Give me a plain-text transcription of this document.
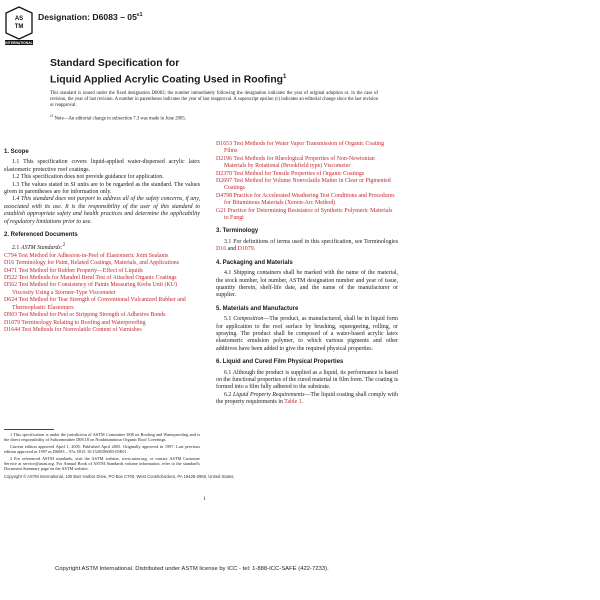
AS
TM
INTERNATIONAL
Designation: $D6083 - 05^{\varepsilon 1}$
Standard Specification for
Liquid Applied Acrylic Coating Used in Roofing$^1$
This standard is issued under the fixed designation D6083; the number immediately following the designation indicates the year of original adoption or, in the case of revision, the year of last revision. A number in parentheses indicates the year of last reapproval. A superscript epsilon (ε) indicates an editorial change since the last revision or reapproval.
$^{\varepsilon 1}$ Note—An editorial change to subsection 7.3 was made in June 2005.
1. Scope

1.1 This specification covers liquid-applied water-dispersed acrylic latex elastomeric protective roof coatings.

1.2 This specification does not provide guidance for application.

1.3 The values stated in SI units are to be regarded as the standard. The values given in parentheses are for information only.

1.4 This standard does not purport to address all of the safety concerns, if any, associated with its use. It is the responsibility of the user of this standard to establish appropriate safety and health practices and determine the applicability of regulatory limitations prior to use.

2. Referenced Documents

2.1 ASTM Standards:$^2$

C794 Test Method for Adhesion-in-Peel of Elastomeric Joint Sealants

D16 Terminology for Paint, Related Coatings, Materials, and Applications

D471 Test Method for Rubber Property—Effect of Liquids

D522 Test Methods for Mandrel Bend Test of Attached Organic Coatings

D562 Test Method for Consistency of Paints Measuring Krebs Unit (KU) Viscosity Using a Stormer-Type Viscometer

D624 Test Method for Tear Strength of Conventional Vulcanized Rubber and Thermoplastic Elastomers

D903 Test Method for Peel or Stripping Strength of Adhesive Bonds

D1079 Terminology Relating to Roofing and Waterproofing

D1644 Test Methods for Nonvolatile Content of Varnishes

D1653 Test Methods for Water Vapor Transmission of Organic Coating Films

D2196 Test Methods for Rheological Properties of Non-Newtonian Materials by Rotational (Brookfield type) Viscometer

D2370 Test Method for Tensile Properties of Organic Coatings

D2697 Test Method for Volume Nonvolatile Matter in Clear or Pigmented Coatings

D4798 Practice for Accelerated Weathering Test Conditions and Procedures for Bituminous Materials (Xenon-Arc Method)

G21 Practice for Determining Resistance of Synthetic Polymeric Materials to Fungi

3. Terminology

3.1 For definitions of terms used in this specification, see Terminologies D16 and D1079.

4. Packaging and Materials

4.1 Shipping containers shall be marked with the name of the material, the stock number, lot number, ASTM designation number and year of issue, quantity therein, shelf-life date, and the name of the manufacturer or supplier.

5. Materials and Manufacture

5.1 Composition—The product, as manufactured, shall be in liquid form for application to the roof surface by brushing, squeegeeing, rolling, or spraying. The product shall be composed of a water-based acrylic latex elastomeric emulsion polymer, to which various pigments and other additives have been added to give the required physical properties.

6. Liquid and Cured Film Physical Properties

6.1 Although the product is supplied as a liquid, its performance is based on the functional properties of the cured material in film form. The coating is formed into a film fully adhered to the substrate.

6.2 Liquid Property Requirements—The liquid coating shall comply with the property requirements in Table 1.

1 This specification is under the jurisdiction of ASTM Committee D08 on Roofing and Waterproofing and is the direct responsibility of Subcommittee D08.18 on Nonbituminous Organic Roof Coverings.

Current edition approved April 1, 2005. Published April 2005. Originally approved in 1997. Last previous edition approved in 1997 as D6083 – 97a. DOI: 10.1520/D6083-05E01.

2 For referenced ASTM standards, visit the ASTM website, www.astm.org, or contact ASTM Customer Service at service@astm.org. For Annual Book of ASTM Standards volume information, refer to the standard's Document Summary page on the ASTM website.

Copyright © ASTM International, 100 Barr Harbor Drive, PO Box C700, West Conshohocken, PA 19428-2959, United States.
1
Copyright ASTM International. Distributed under ASTM license by ICC - tel: 1-888-ICC-SAFE (422-7233).
